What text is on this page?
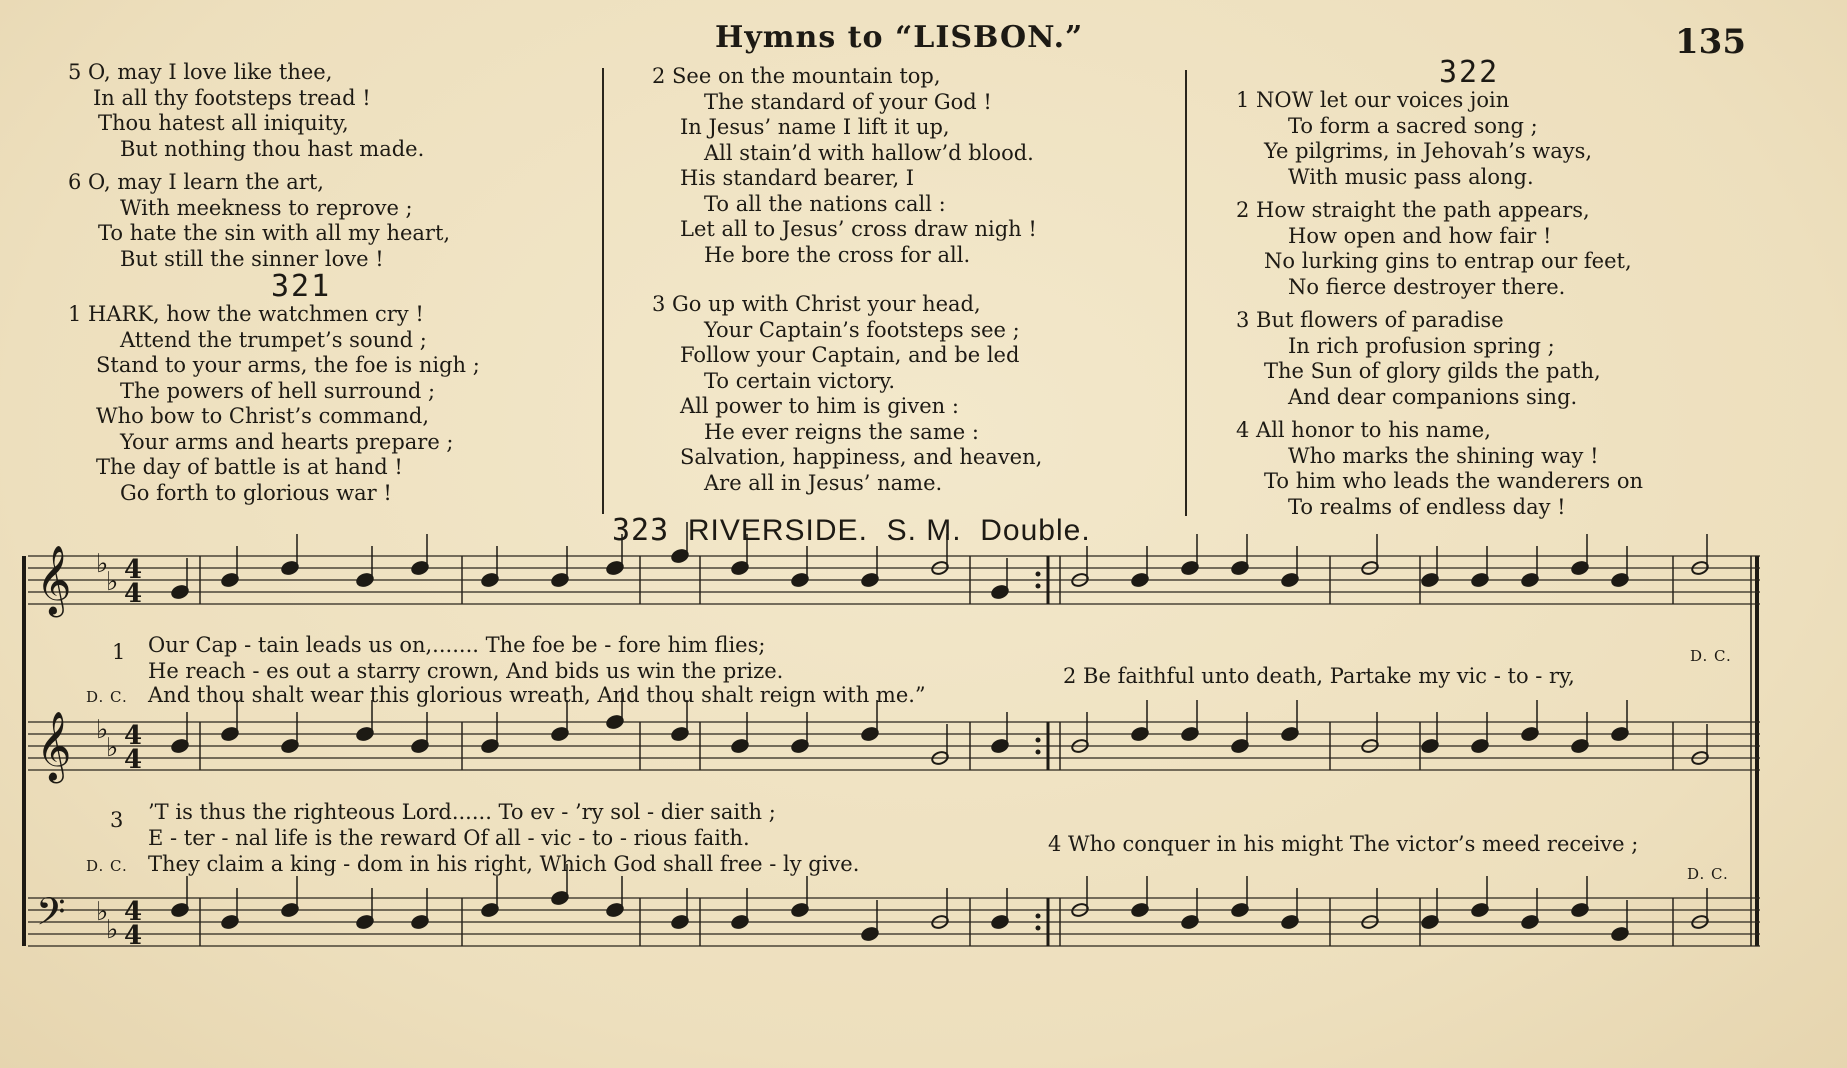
Hymns to “LISBON.”	135
5 O, may I love like thee,
In all thy footsteps tread !
Thou hatest all iniquity,
But nothing thou hast made.
6 O, may I learn the art,
With meekness to reprove ;
To hate the sin with all my heart,
But still the sinner love !
321
1 HARK, how the watchmen cry !
Attend the trumpet’s sound ;
Stand to your arms, the foe is nigh ;
The powers of hell surround ;
Who bow to Christ’s command,
Your arms and hearts prepare ;
The day of battle is at hand !
Go forth to glorious war !
2 See on the mountain top,
The standard of your God !
In Jesus’ name I lift it up,
All stain’d with hallow’d blood.
His standard bearer, I
To all the nations call :
Let all to Jesus’ cross draw nigh !
He bore the cross for all.
3 Go up with Christ your head,
Your Captain’s footsteps see ;
Follow your Captain, and be led
To certain victory.
All power to him is given :
He ever reigns the same :
Salvation, happiness, and heaven,
Are all in Jesus’ name.
322
1 NOW let our voices join
To form a sacred song ;
Ye pilgrims, in Jehovah’s ways,
With music pass along.
2 How straight the path appears,
How open and how fair !
No lurking gins to entrap our feet,
No fierce destroyer there.
3 But flowers of paradise
In rich profusion spring ;
The Sun of glory gilds the path,
And dear companions sing.
4 All honor to his name,
Who marks the shining way !
To him who leads the wanderers on
To realms of endless day !
323 RIVERSIDE. S. M. Double.
𝄞 ♭
♭ 4
4
𝄞 ♭
♭ 4
4
𝄢 ♭
♭
4
4
1 Our Cap - tain leads us on,....... The foe be - fore him flies;
He reach - es out a starry crown, And bids us win the prize.	2 Be faithful unto death, Partake my vic - to - ry,
D. C.
D. C. And thou shalt wear this glorious wreath, And thou shalt reign with me.”
3 ’T is thus the righteous Lord...... To ev - ’ry sol - dier saith ;
E - ter - nal life is the reward Of all - vic - to - rious faith.	4 Who conquer in his might The victor’s meed receive ;
D. C. They claim a king - dom in his right, Which God shall free - ly give.	D. C.
